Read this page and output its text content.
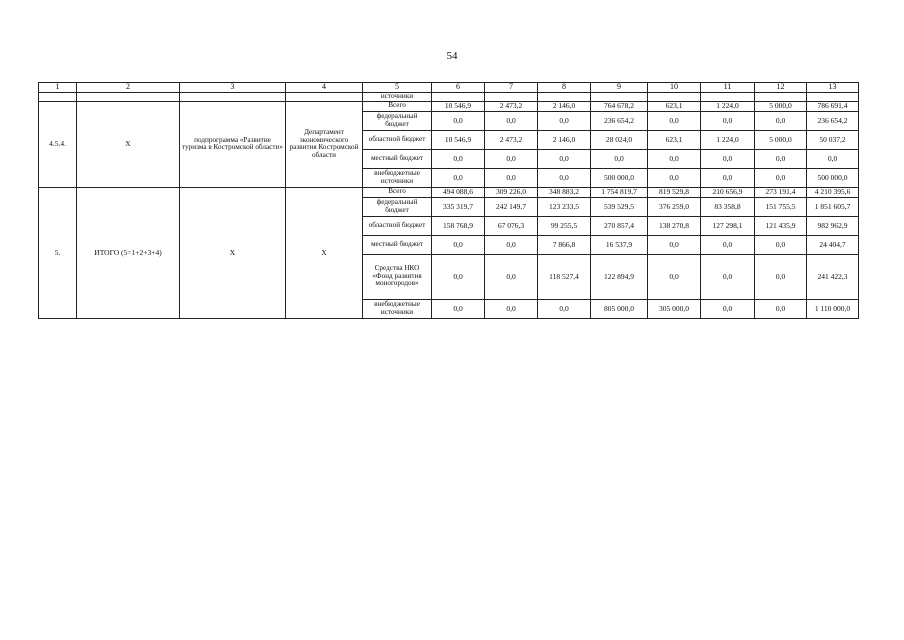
54
1	2	3	4	5	6	7	8	9	10	11	12	13
				источники								
4.5.4.	Х	подпрограмма «Развитие туризма в Костромской области»	Департамент экономического развития Костромской области	Всего	10 546,9	2 473,2	2 146,0	764 678,2	623,1	1 224,0	5 000,0	786 691,4
				федеральный бюджет	0,0	0,0	0,0	236 654,2	0,0	0,0	0,0	236 654,2
				областной бюджет	10 546,9	2 473,2	2 146,0	28 024,0	623,1	1 224,0	5 000,0	50 037,2
				местный бюджет	0,0	0,0	0,0	0,0	0,0	0,0	0,0	0,0
				внебюджетные источники	0,0	0,0	0,0	500 000,0	0,0	0,0	0,0	500 000,0
5.	ИТОГО (5=1+2+3+4)	Х	Х	Всего	494 088,6	309 226,0	348 883,2	1 754 819,7	819 529,8	210 656,9	273 191,4	4 210 395,6
				федеральный бюджет	335 319,7	242 149,7	123 233,5	539 529,5	376 259,0	83 358,8	151 755,5	1 851 605,7
				областной бюджет	158 768,9	67 076,3	99 255,5	270 857,4	138 270,8	127 298,1	121 435,9	982 962,9
				местный бюджет	0,0	0,0	7 866,8	16 537,9	0,0	0,0	0,0	24 404,7
				Средства НКО «Фонд развития моногородов»	0,0	0,0	118 527,4	122 894,9	0,0	0,0	0,0	241 422,3
				внебюджетные источники	0,0	0,0	0,0	805 000,0	305 000,0	0,0	0,0	1 110 000,0
